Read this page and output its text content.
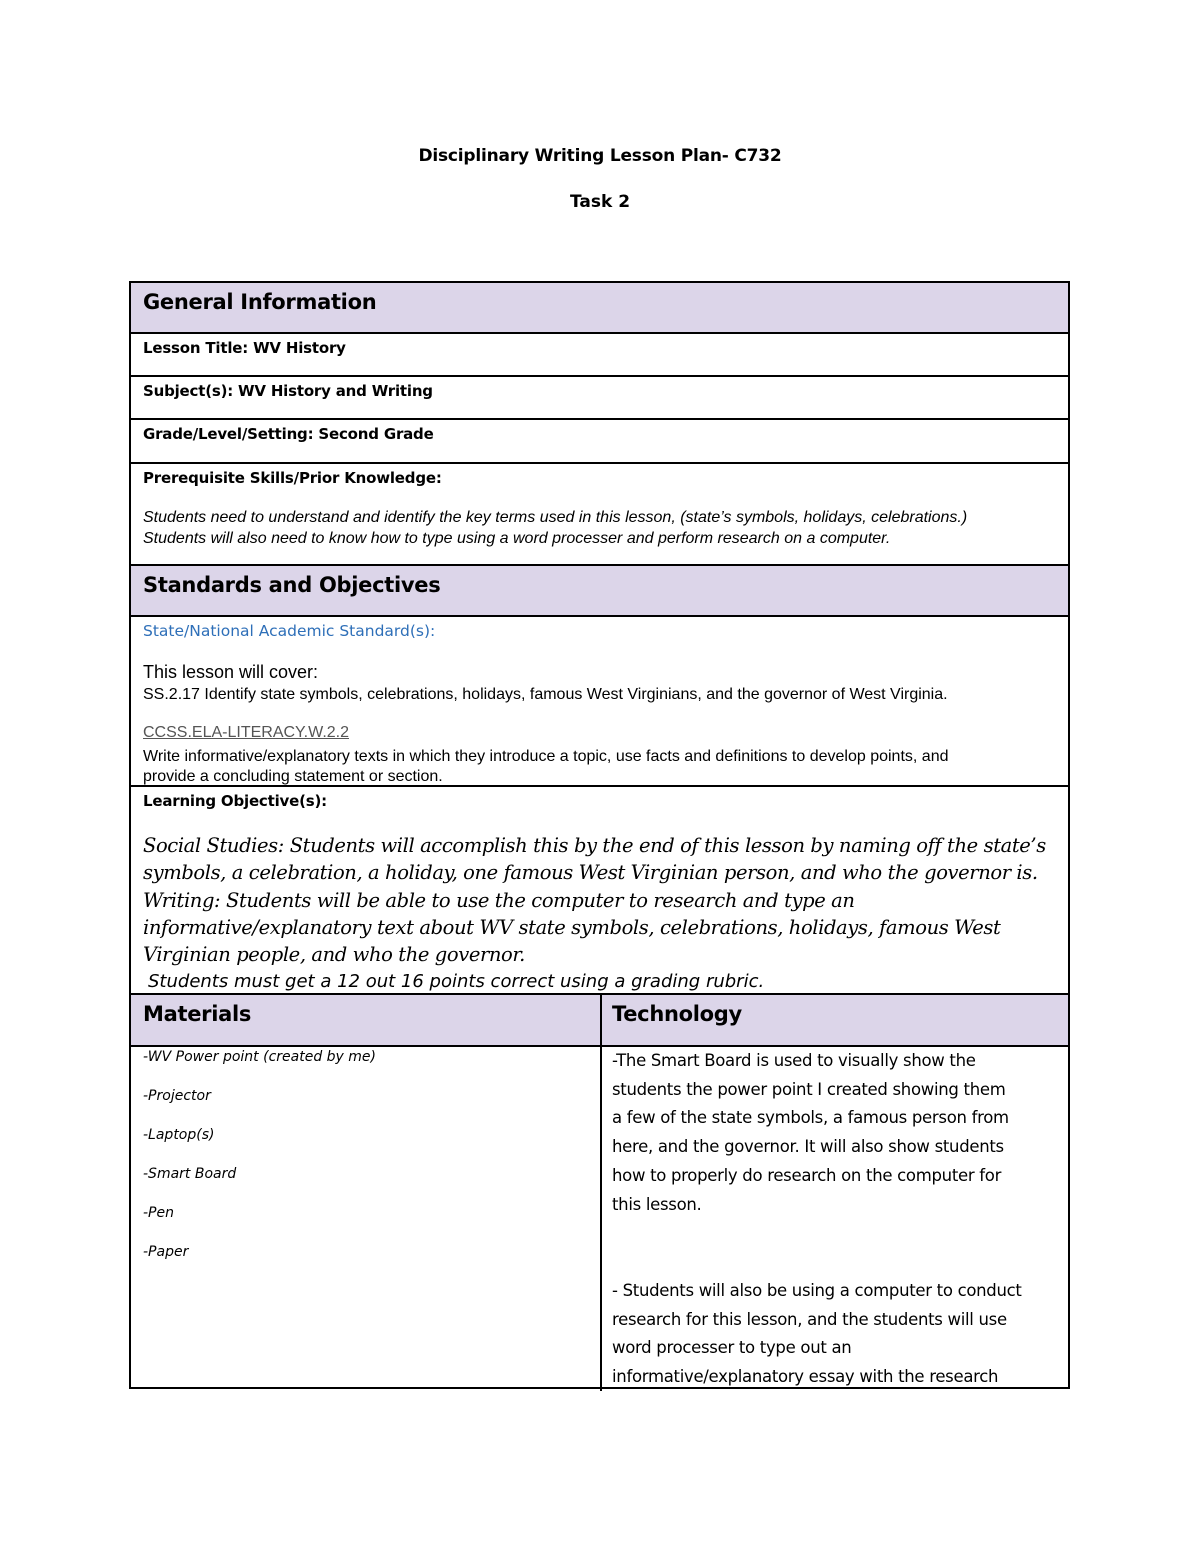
Disciplinary Writing Lesson Plan- C732
Task 2
General Information
Lesson Title: WV History
Subject(s): WV History and Writing
Grade/Level/Setting: Second Grade
Prerequisite Skills/Prior Knowledge:
Students need to understand and identify the key terms used in this lesson, (state’s symbols, holidays, celebrations.)
Students will also need to know how to type using a word processer and perform research on a computer.
Standards and Objectives
State/National Academic Standard(s):
This lesson will cover:
SS.2.17 Identify state symbols, celebrations, holidays, famous West Virginians, and the governor of West Virginia.
CCSS.ELA-LITERACY.W.2.2
Write informative/explanatory texts in which they introduce a topic, use facts and definitions to develop points, and
provide a concluding statement or section.
Learning Objective(s):
Social Studies: Students will accomplish this by the end of this lesson by naming off the state’s
symbols, a celebration, a holiday, one famous West Virginian person, and who the governor is.
Writing: Students will be able to use the computer to research and type an
informative/explanatory text about WV state symbols, celebrations, holidays, famous West
Virginian people, and who the governor.
Students must get a 12 out 16 points correct using a grading rubric.
Materials	Technology
-WV Power point (created by me)
-Projector
-Laptop(s)
-Smart Board
-Pen
-Paper
-The Smart Board is used to visually show the
students the power point I created showing them
a few of the state symbols, a famous person from
here, and the governor. It will also show students
how to properly do research on the computer for
this lesson.
- Students will also be using a computer to conduct
research for this lesson, and the students will use
word processer to type out an
informative/explanatory essay with the research
